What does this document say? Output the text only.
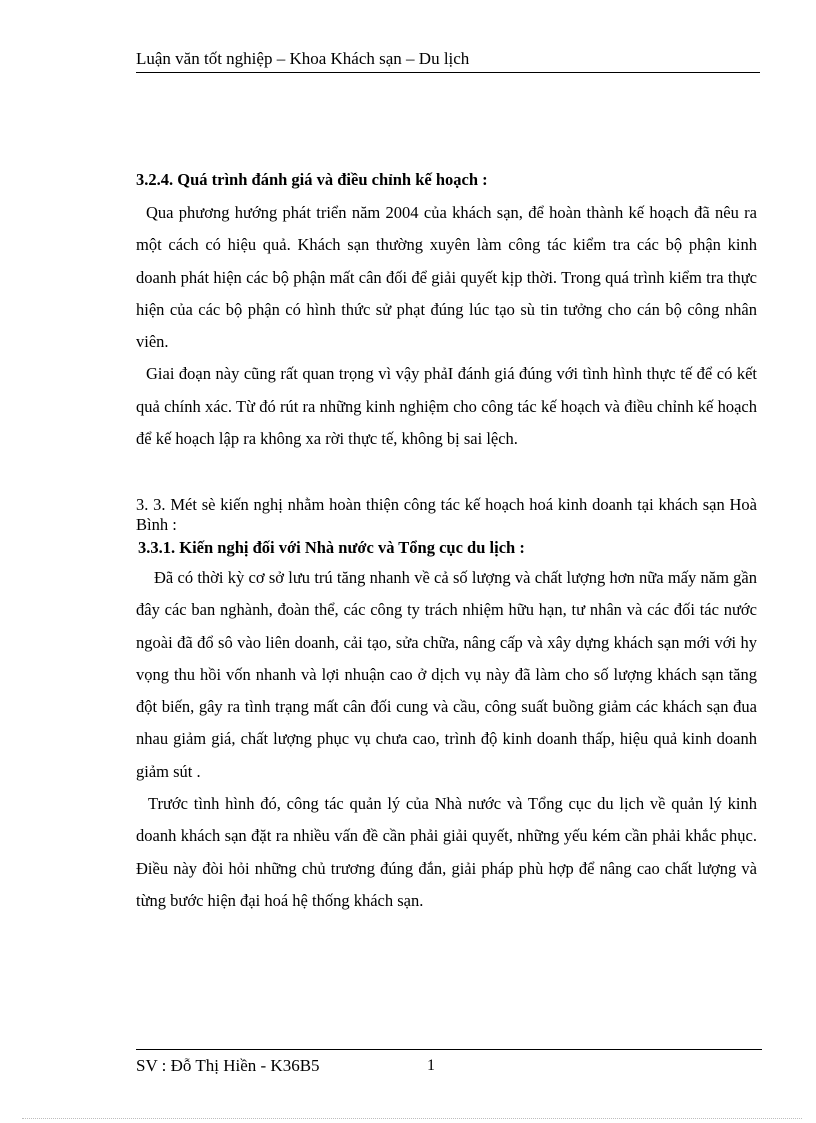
Luận văn tốt nghiệp – Khoa Khách sạn – Du lịch

3.2.4. Quá trình đánh giá và điều chỉnh kế hoạch :

Qua phương hướng phát triển năm 2004 của khách sạn, để hoàn thành kế hoạch đã nêu ra một cách có hiệu quả. Khách sạn thường xuyên làm công tác kiểm tra các bộ phận kinh doanh phát hiện các bộ phận mất cân đối để giải quyết kịp thời. Trong quá trình kiểm tra thực hiện của các bộ phận có hình thức sử phạt đúng lúc tạo sù tin tưởng cho cán bộ công nhân viên.

Giai đoạn này cũng rất quan trọng vì vậy phảI đánh giá đúng với tình hình thực tế để có kết quả chính xác. Từ đó rút ra những kinh nghiệm cho công tác kế hoạch và điều chỉnh kế hoạch để kế hoạch lập ra không xa rời thực tế, không bị sai lệch.

3. 3. Mét sè kiến nghị nhằm hoàn thiện công tác kế hoạch hoá kinh doanh tại khách sạn Hoà Bình :

3.3.1. Kiến nghị đối với Nhà nước và Tổng cục du lịch :

Đã có thời kỳ cơ sở lưu trú tăng nhanh về cả số lượng và chất lượng hơn nữa mấy năm gần đây các ban nghành, đoàn thể, các công ty trách nhiệm hữu hạn, tư nhân và các đối tác nước ngoài đã đổ sô vào liên doanh, cải tạo, sửa chữa, nâng cấp và xây dựng khách sạn mới với hy vọng thu hồi vốn nhanh và lợi nhuận cao ở dịch vụ này đã làm cho số lượng khách sạn tăng đột biến, gây ra tình trạng mất cân đối cung và cầu, công suất buồng giảm các khách sạn đua nhau giảm giá, chất lượng phục vụ chưa cao, trình độ kinh doanh thấp, hiệu quả kinh doanh giảm sút .

Trước tình hình đó, công tác quản lý của Nhà nước và Tổng cục du lịch về quản lý kinh doanh khách sạn đặt ra nhiều vấn đề cần phải giải quyết, những yếu kém cần phải khắc phục. Điều này đòi hỏi những chủ trương đúng đắn, giải pháp phù hợp để nâng cao chất lượng và từng bước hiện đại hoá hệ thống khách sạn.

SV : Đỗ Thị Hiền - K36B5	1
